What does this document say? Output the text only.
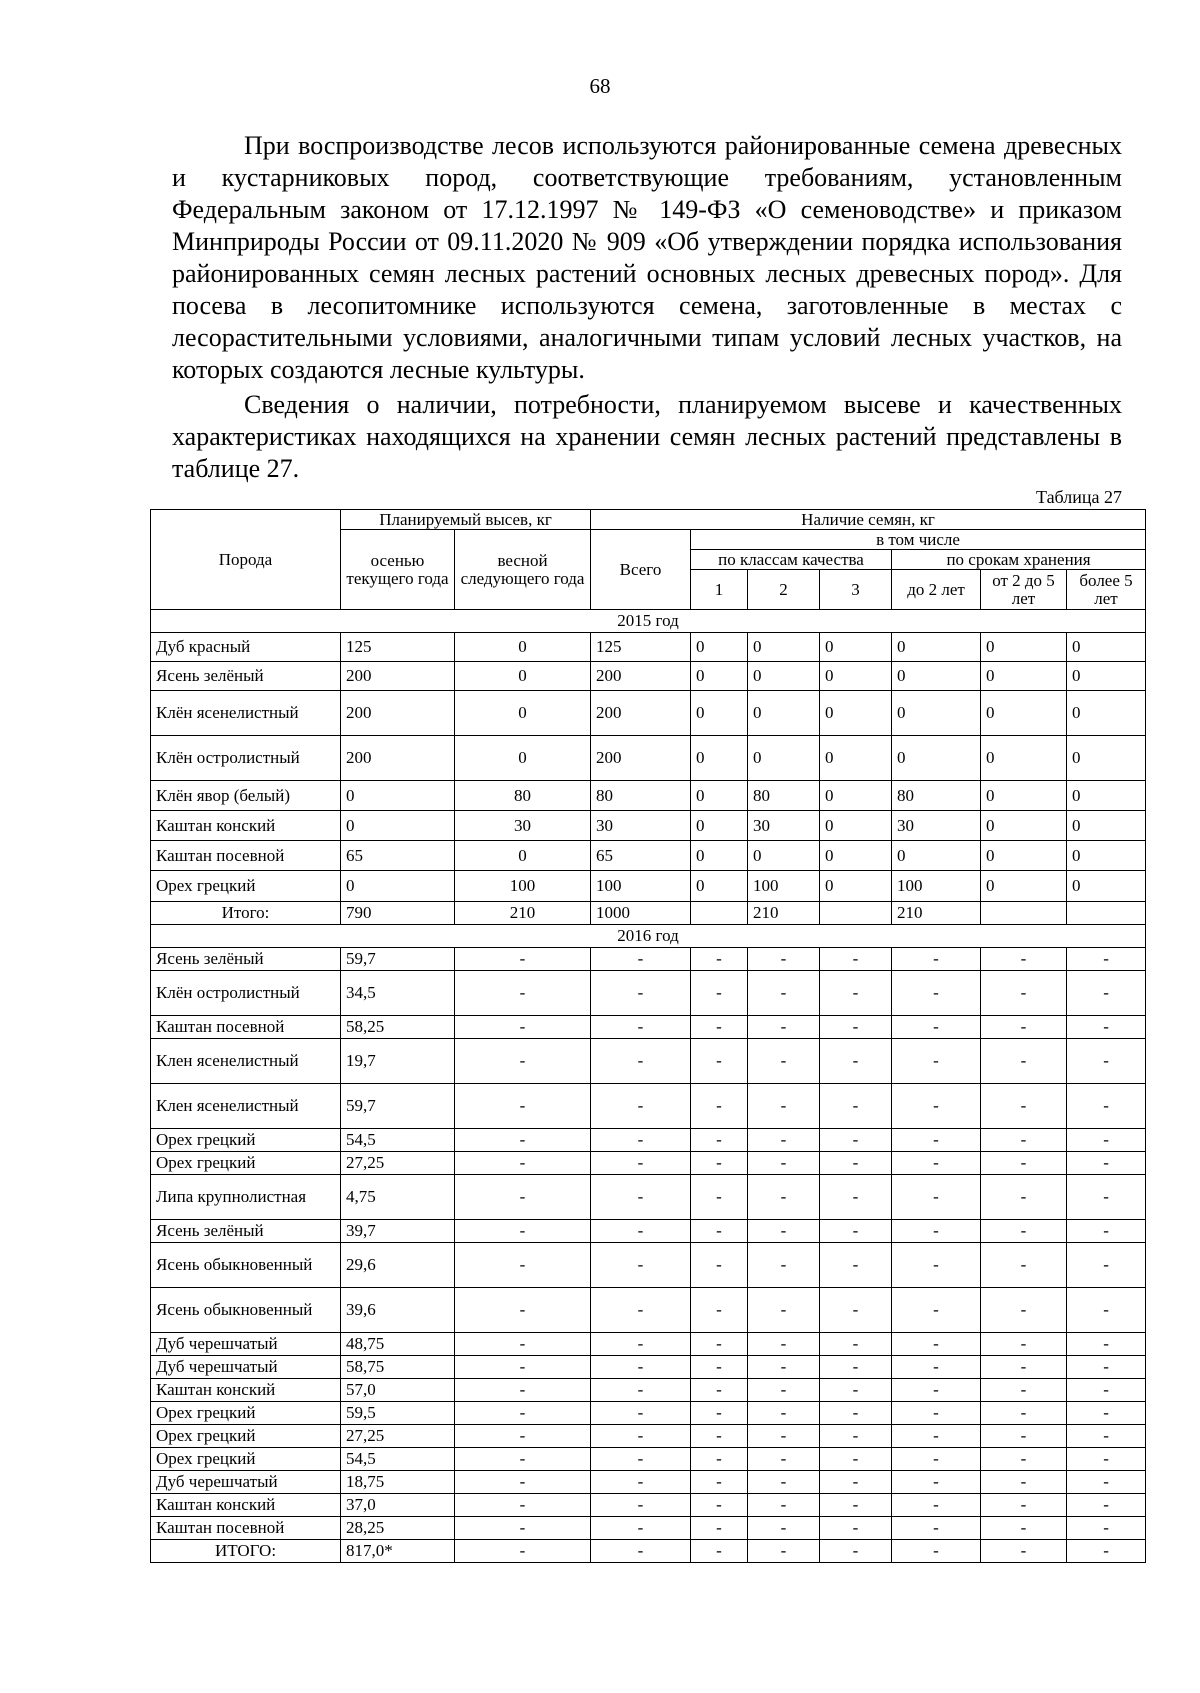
68

При воспроизводстве лесов используются районированные семена древесных и кустарниковых пород, соответствующие требованиям, установленным Федеральным законом от 17.12.1997 № 149-ФЗ «О семеноводстве» и приказом Минприроды России от 09.11.2020 № 909 «Об утверждении порядка использования районированных семян лесных растений основных лесных древесных пород». Для посева в лесопитомнике используются семена, заготовленные в местах с лесорастительными условиями, аналогичными типам условий лесных участков, на которых создаются лесные культуры.

Сведения о наличии, потребности, планируемом высеве и качественных характеристиках находящихся на хранении семян лесных растений представлены в таблице 27.

Таблица 27
Порода	Планируемый высев, кг		Наличие семян, кг						
	осенью текущего года	весной следующего года	Всего	в том числе					
				по классам качества			по срокам хранения		
				1	2	3	до 2 лет	от 2 до 5 лет	более 5 лет
2015 год									
Дуб красный	125	0	125	0	0	0	0	0	0
Ясень зелёный	200	0	200	0	0	0	0	0	0
Клён ясенелистный	200	0	200	0	0	0	0	0	0
Клён остролистный	200	0	200	0	0	0	0	0	0
Клён явор (белый)	0	80	80	0	80	0	80	0	0
Каштан конский	0	30	30	0	30	0	30	0	0
Каштан посевной	65	0	65	0	0	0	0	0	0
Орех грецкий	0	100	100	0	100	0	100	0	0
Итого:	790	210	1000		210		210		
2016 год									
Ясень зелёный	59,7	-	-	-	-	-	-	-	-
Клён остролистный	34,5	-	-	-	-	-	-	-	-
Каштан посевной	58,25	-	-	-	-	-	-	-	-
Клен ясенелистный	19,7	-	-	-	-	-	-	-	-
Клен ясенелистный	59,7	-	-	-	-	-	-	-	-
Орех грецкий	54,5	-	-	-	-	-	-	-	-
Орех грецкий	27,25	-	-	-	-	-	-	-	-
Липа крупнолистная	4,75	-	-	-	-	-	-	-	-
Ясень зелёный	39,7	-	-	-	-	-	-	-	-
Ясень обыкновенный	29,6	-	-	-	-	-	-	-	-
Ясень обыкновенный	39,6	-	-	-	-	-	-	-	-
Дуб черешчатый	48,75	-	-	-	-	-	-	-	-
Дуб черешчатый	58,75	-	-	-	-	-	-	-	-
Каштан конский	57,0	-	-	-	-	-	-	-	-
Орех грецкий	59,5	-	-	-	-	-	-	-	-
Орех грецкий	27,25	-	-	-	-	-	-	-	-
Орех грецкий	54,5	-	-	-	-	-	-	-	-
Дуб черешчатый	18,75	-	-	-	-	-	-	-	-
Каштан конский	37,0	-	-	-	-	-	-	-	-
Каштан посевной	28,25	-	-	-	-	-	-	-	-
ИТОГО:	817,0*	-	-	-	-	-	-	-	-
